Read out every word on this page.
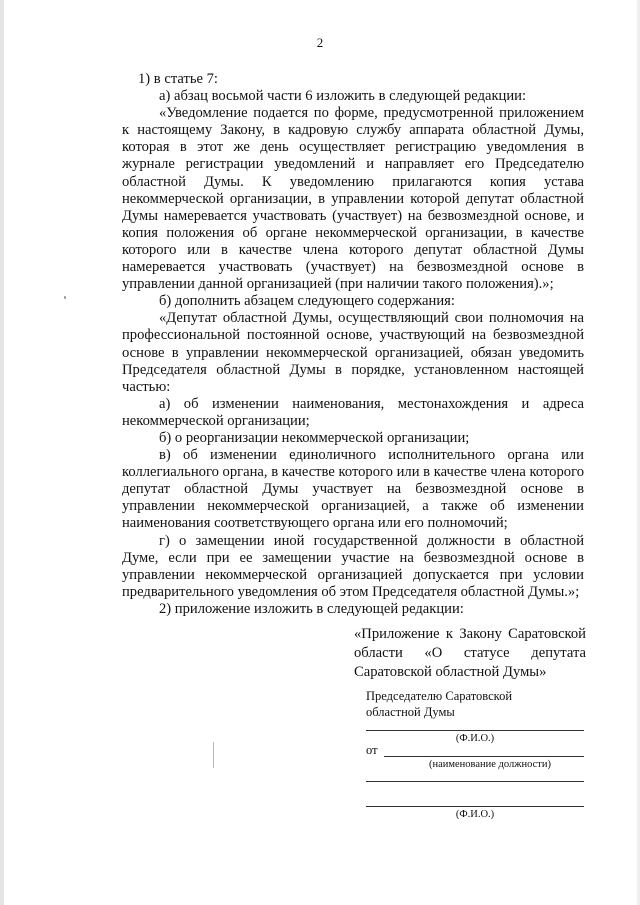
2

1) в статье 7:

а) абзац восьмой части 6 изложить в следующей редакции:

«Уведомление подается по форме, предусмотренной приложением к настоящему Закону, в кадровую службу аппарата областной Думы, которая в этот же день осуществляет регистрацию уведомления в журнале регистрации уведомлений и направляет его Председателю областной Думы. К уведомлению прилагаются копия устава некоммерческой организации, в управлении которой депутат областной Думы намеревается участвовать (участвует) на безвозмездной основе, и копия положения об органе некоммерческой организации, в качестве которого или в качестве члена которого депутат областной Думы намеревается участвовать (участвует) на безвозмездной основе в управлении данной организацией (при наличии такого положения).»;

б) дополнить абзацем следующего содержания:

«Депутат областной Думы, осуществляющий свои полномочия на профессиональной постоянной основе, участвующий на безвозмездной основе в управлении некоммерческой организацией, обязан уведомить Председателя областной Думы в порядке, установленном настоящей частью:

а) об изменении наименования, местонахождения и адреса некоммерческой организации;

б) о реорганизации некоммерческой организации;

в) об изменении единоличного исполнительного органа или коллегиального органа, в качестве которого или в качестве члена которого депутат областной Думы участвует на безвозмездной основе в управлении некоммерческой организацией, а также об изменении наименования соответствующего органа или его полномочий;

г) о замещении иной государственной должности в областной Думе, если при ее замещении участие на безвозмездной основе в управлении некоммерческой организацией допускается при условии предварительного уведомления об этом Председателя областной Думы.»;

2) приложение изложить в следующей редакции:

«Приложение к Закону Саратовской области «О статусе депутата Саратовской областной Думы»
Председателю Саратовской областной Думы
(Ф.И.О.)
от
(наименование должности)
(Ф.И.О.)
